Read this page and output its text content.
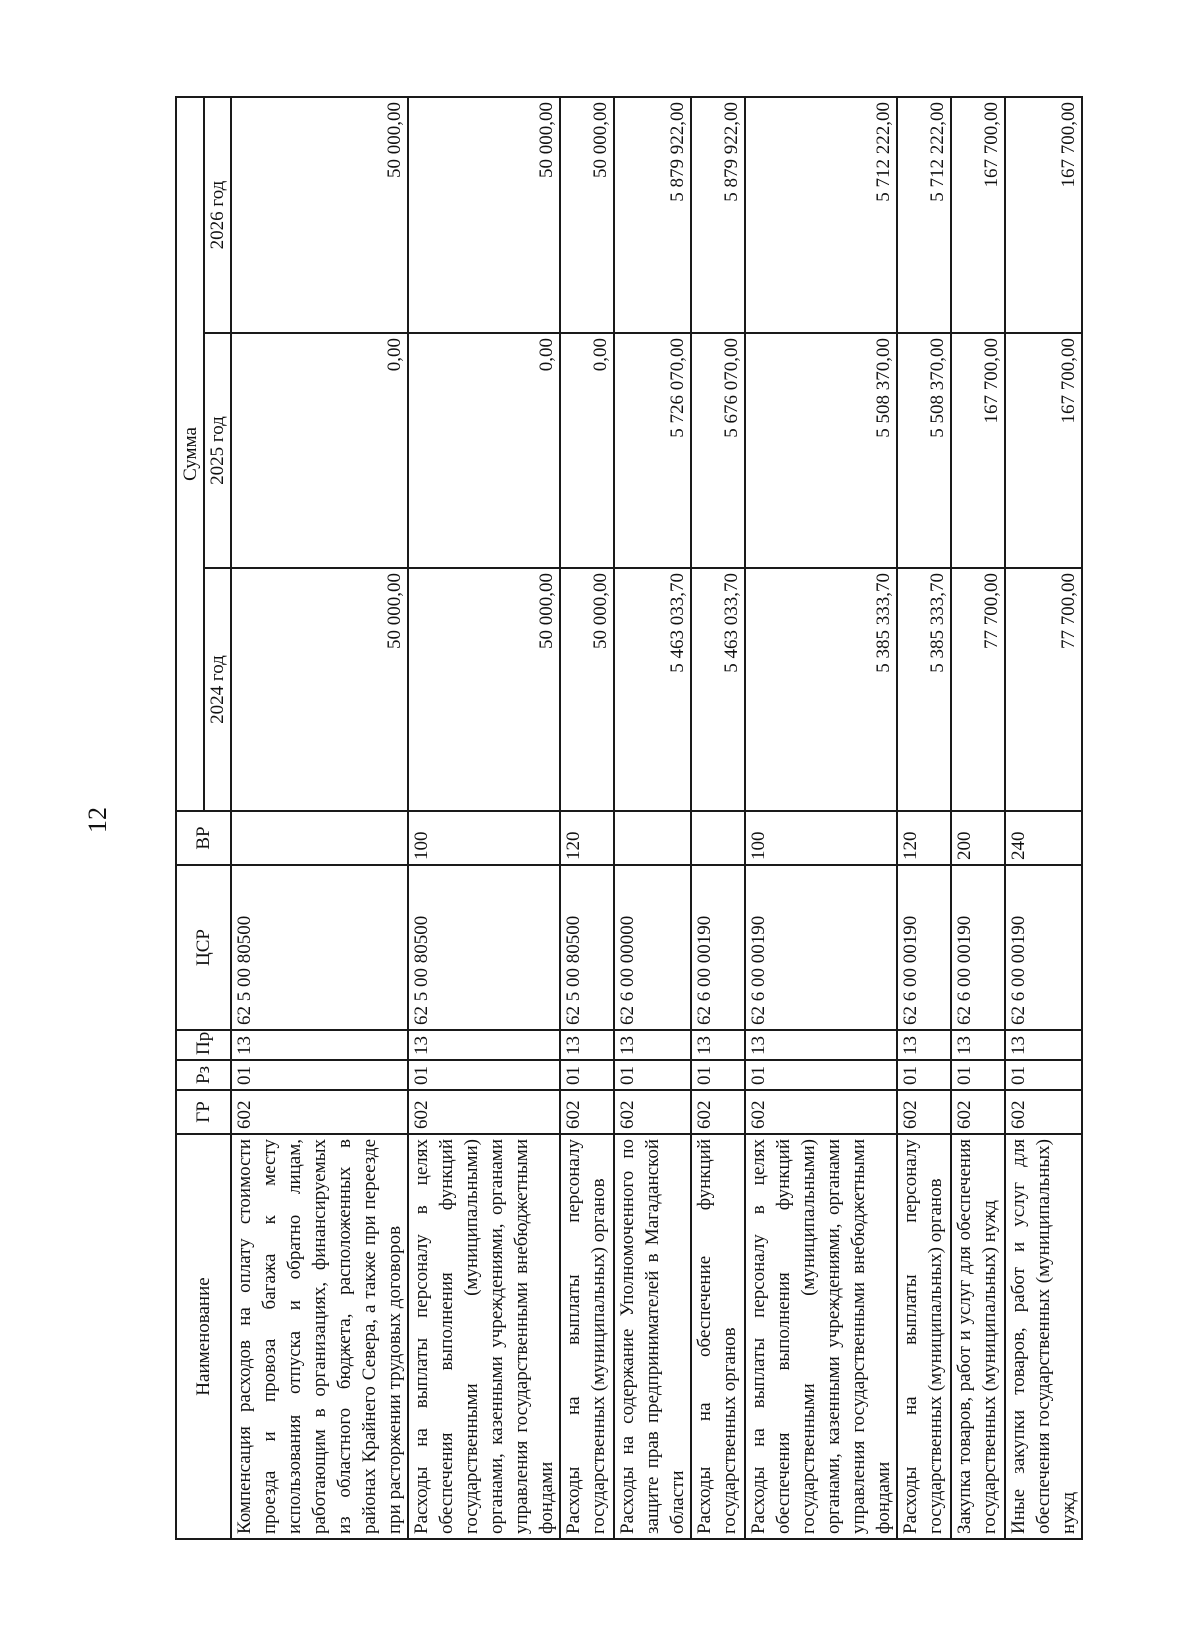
12
Наименование	ГР	Рз	Пр	ЦСР	ВР	Сумма		
						2024 год	2025 год	2026 год
Компенсация расходов на оплату стоимости проезда и провоза багажа к месту использования отпуска и обратно лицам, работающим в организациях, финансируемых из областного бюджета, расположенных в районах Крайнего Севера, а также при переезде при расторжении трудовых договоров	602	01	13	62 5 00 80500		50 000,00	0,00	50 000,00
Расходы на выплаты персоналу в целях обеспечения выполнения функций государственными (муниципальными) органами, казенными учреждениями, органами управления государственными внебюджетными фондами	602	01	13	62 5 00 80500	100	50 000,00	0,00	50 000,00
Расходы на выплаты персоналу государственных (муниципальных) органов	602	01	13	62 5 00 80500	120	50 000,00	0,00	50 000,00
Расходы на содержание Уполномоченного по защите прав предпринимателей в Магаданской области	602	01	13	62 6 00 00000		5 463 033,70	5 726 070,00	5 879 922,00
Расходы на обеспечение функций государственных органов	602	01	13	62 6 00 00190		5 463 033,70	5 676 070,00	5 879 922,00
Расходы на выплаты персоналу в целях обеспечения выполнения функций государственными (муниципальными) органами, казенными учреждениями, органами управления государственными внебюджетными фондами	602	01	13	62 6 00 00190	100	5 385 333,70	5 508 370,00	5 712 222,00
Расходы на выплаты персоналу государственных (муниципальных) органов	602	01	13	62 6 00 00190	120	5 385 333,70	5 508 370,00	5 712 222,00
Закупка товаров, работ и услуг для обеспечения государственных (муниципальных) нужд	602	01	13	62 6 00 00190	200	77 700,00	167 700,00	167 700,00
Иные закупки товаров, работ и услуг для обеспечения государственных (муниципальных) нужд	602	01	13	62 6 00 00190	240	77 700,00	167 700,00	167 700,00
